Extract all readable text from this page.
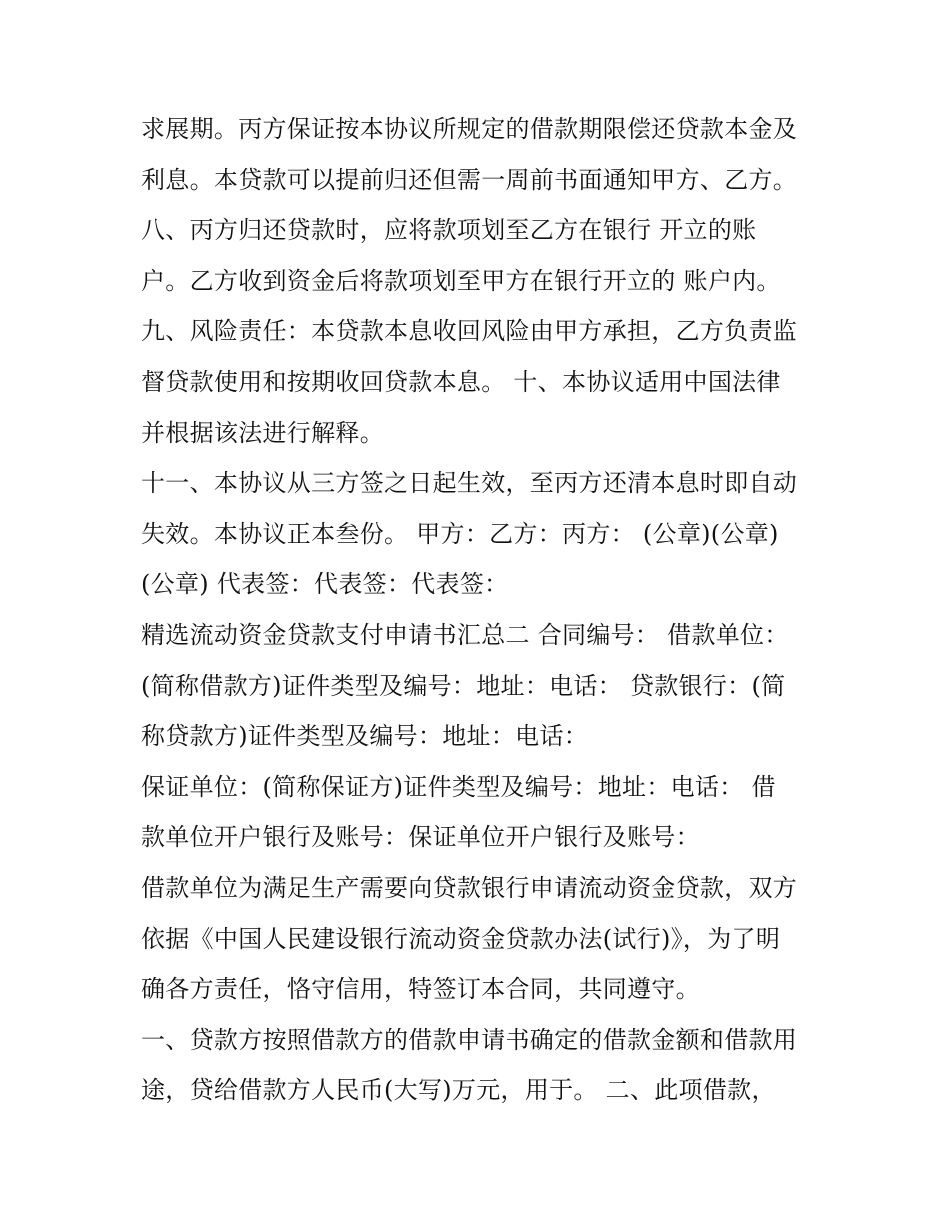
求展期。丙方保证按本协议所规定的借款期限偿还贷款本金及
利息。本贷款可以提前归还但需一周前书面通知甲方、乙方。
八、丙方归还贷款时，应将款项划至乙方在银行 开立的账
户。乙方收到资金后将款项划至甲方在银行开立的 账户内。
九、风险责任：本贷款本息收回风险由甲方承担，乙方负责监
督贷款使用和按期收回贷款本息。 十、本协议适用中国法律
并根据该法进行解释。
十一、本协议从三方签之日起生效，至丙方还清本息时即自动
失效。本协议正本叁份。 甲方：乙方：丙方： (公章)(公章)
(公章) 代表签：代表签：代表签：
精选流动资金贷款支付申请书汇总二 合同编号： 借款单位：
(简称借款方)证件类型及编号：地址：电话： 贷款银行：(简
称贷款方)证件类型及编号：地址：电话：
保证单位：(简称保证方)证件类型及编号：地址：电话： 借
款单位开户银行及账号：保证单位开户银行及账号：
借款单位为满足生产需要向贷款银行申请流动资金贷款，双方
依据《中国人民建设银行流动资金贷款办法(试行)》，为了明
确各方责任，恪守信用，特签订本合同，共同遵守。
一、贷款方按照借款方的借款申请书确定的借款金额和借款用
途，贷给借款方人民币(大写)万元，用于。 二、此项借款，
